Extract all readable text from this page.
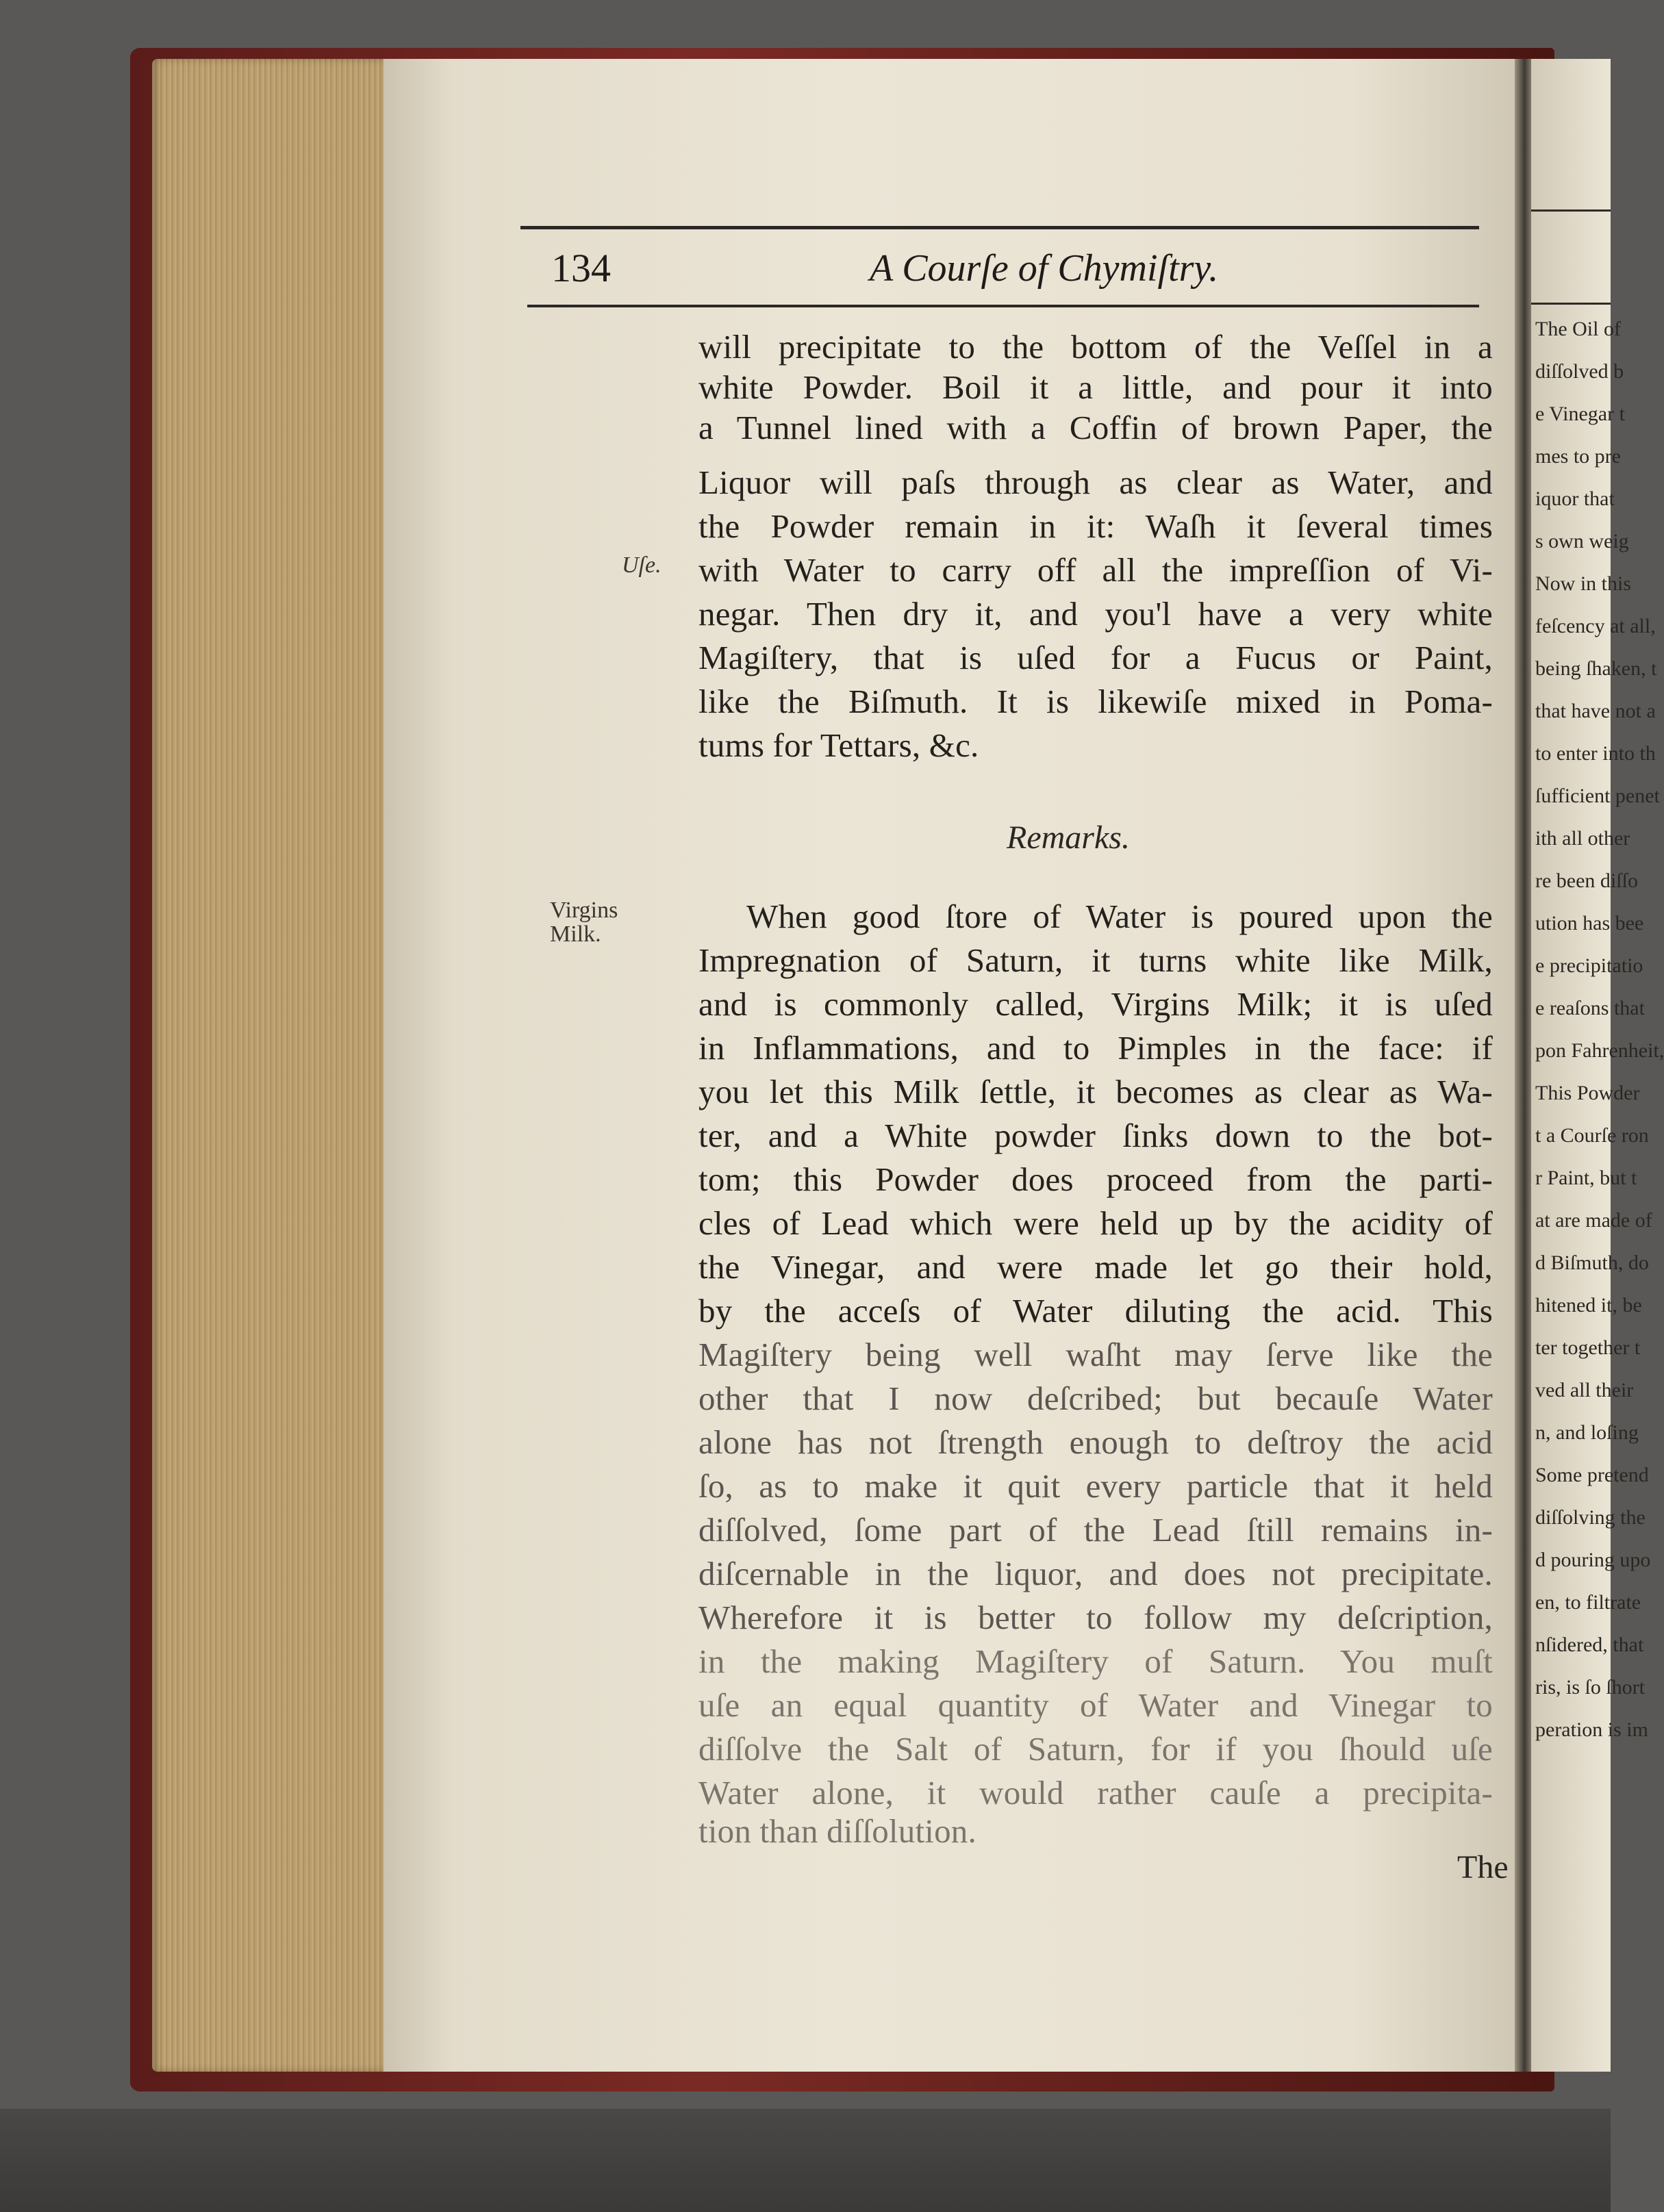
134	A Courſe of Chymiſtry.
Uſe.
Virgins
Milk.
will precipitate to the bottom of the Veſſel in a
white Powder. Boil it a little, and pour it into
a Tunnel lined with a Coffin of brown Paper, the
Liquor will paſs through as clear as Water, and
the Powder remain in it: Waſh it ſeveral times
with Water to carry off all the impreſſion of Vi-
negar. Then dry it, and you'l have a very white
Magiſtery, that is uſed for a Fucus or Paint,
like the Biſmuth. It is likewiſe mixed in Poma-
tums for Tettars, &c.
Remarks.
When good ſtore of Water is poured upon the
Impregnation of Saturn, it turns white like Milk,
and is commonly called, Virgins Milk; it is uſed
in Inflammations, and to Pimples in the face: if
you let this Milk ſettle, it becomes as clear as Wa-
ter, and a White powder ſinks down to the bot-
tom; this Powder does proceed from the parti-
cles of Lead which were held up by the acidity of
the Vinegar, and were made let go their hold,
by the acceſs of Water diluting the acid. This
Magiſtery being well waſht may ſerve like the
other that I now deſcribed; but becauſe Water
alone has not ſtrength enough to deſtroy the acid
ſo, as to make it quit every particle that it held
diſſolved, ſome part of the Lead ſtill remains in-
diſcernable in the liquor, and does not precipitate.
Wherefore it is better to follow my deſcription,
in the making Magiſtery of Saturn. You muſt
uſe an equal quantity of Water and Vinegar to
diſſolve the Salt of Saturn, for if you ſhould uſe
Water alone, it would rather cauſe a precipita-
tion than diſſolution.
The
The Oil of
diſſolved b
e Vinegar t
mes to pre
iquor that
s own weig
Now in this
feſcency at all,
being ſhaken, t
that have not a
to enter into th
ſufficient penet
ith all other
re been diſſo
ution has bee
e precipitatio
e reaſons that
pon Fahrenheit,
This Powder
t a Courſe ron
r Paint, but t
at are made of
d Biſmuth, do
hitened it, be
ter together t
ved all their
n, and loſing
Some pretend
diſſolving the
d pouring upo
en, to filtrate
nſidered, that
ris, is ſo ſhort
peration is im
